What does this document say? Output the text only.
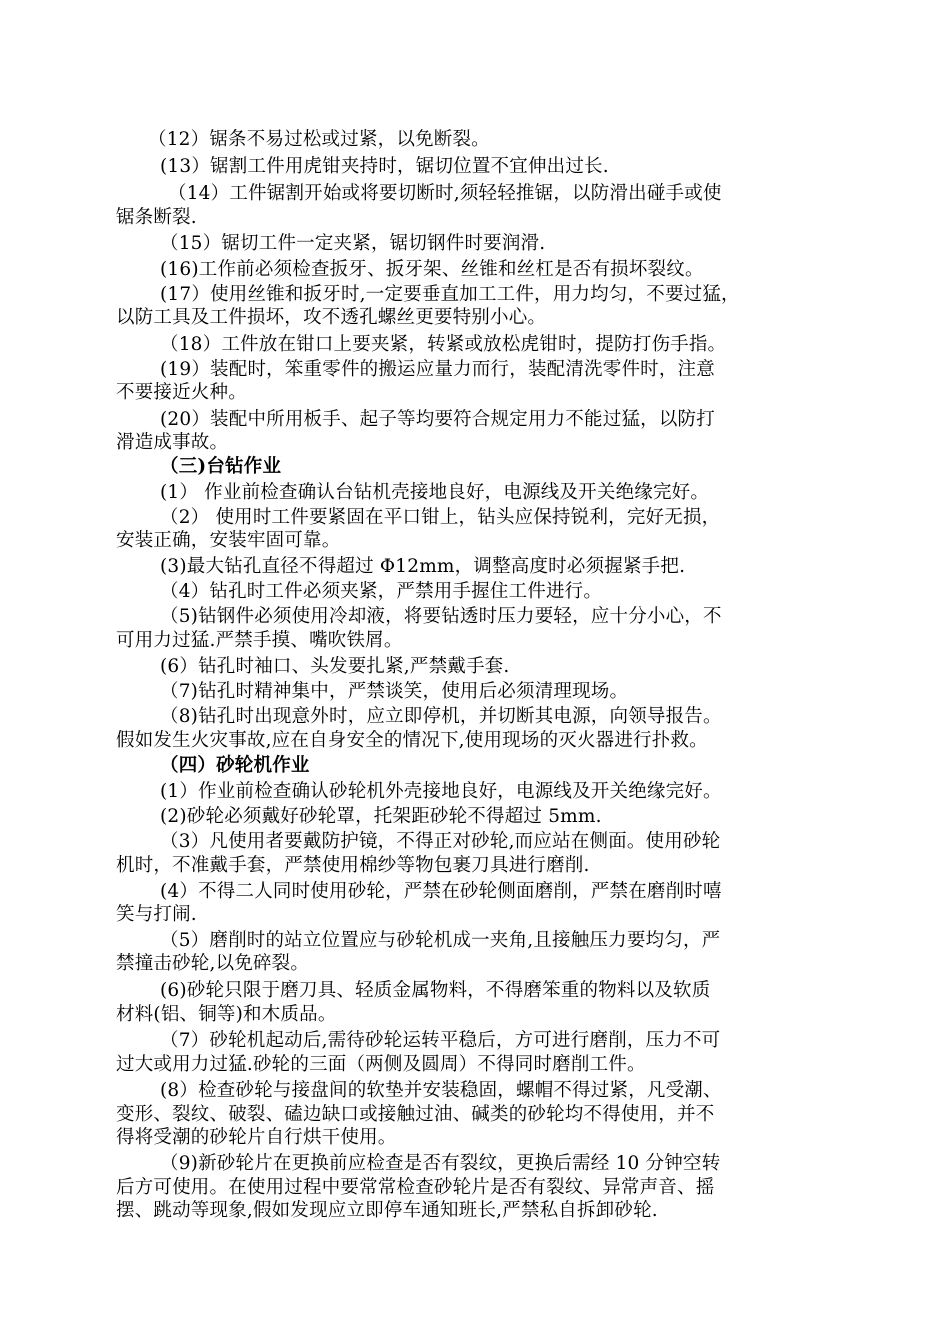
（12）锯条不易过松或过紧，以免断裂。
(13）锯割工件用虎钳夹持时，锯切位置不宜伸出过长.
（14）工件锯割开始或将要切断时,须轻轻推锯，以防滑出碰手或使
锯条断裂.
（15）锯切工件一定夹紧，锯切钢件时要润滑.
(16)工作前必须检查扳牙、扳牙架、丝锥和丝杠是否有损坏裂纹。
(17）使用丝锥和扳牙时,一定要垂直加工工件，用力均匀，不要过猛，
以防工具及工件损坏，攻不透孔螺丝更要特别小心。
（18）工件放在钳口上要夹紧，转紧或放松虎钳时，提防打伤手指。
(19）装配时，笨重零件的搬运应量力而行，装配清洗零件时，注意
不要接近火种。
(20）装配中所用板手、起子等均要符合规定用力不能过猛，以防打
滑造成事故。
（三)台钻作业
(1） 作业前检查确认台钻机壳接地良好，电源线及开关绝缘完好。
（2） 使用时工件要紧固在平口钳上，钻头应保持锐利，完好无损，
安装正确，安装牢固可靠。
(3)最大钻孔直径不得超过 Φ12mm，调整高度时必须握紧手把.
（4）钻孔时工件必须夹紧，严禁用手握住工件进行。
（5)钻钢件必须使用冷却液，将要钻透时压力要轻，应十分小心，不
可用力过猛.严禁手摸、嘴吹铁屑。
(6）钻孔时袖口、头发要扎紧,严禁戴手套.
（7)钻孔时精神集中，严禁谈笑，使用后必须清理现场。
（8)钻孔时出现意外时，应立即停机，并切断其电源，向领导报告。
假如发生火灾事故,应在自身安全的情况下,使用现场的灭火器进行扑救。
（四）砂轮机作业
(1）作业前检查确认砂轮机外壳接地良好，电源线及开关绝缘完好。
(2)砂轮必须戴好砂轮罩，托架距砂轮不得超过 5mm.
（3）凡使用者要戴防护镜，不得正对砂轮,而应站在侧面。使用砂轮
机时，不准戴手套，严禁使用棉纱等物包裹刀具进行磨削.
(4）不得二人同时使用砂轮，严禁在砂轮侧面磨削，严禁在磨削时嘻
笑与打闹.
（5）磨削时的站立位置应与砂轮机成一夹角,且接触压力要均匀，严
禁撞击砂轮,以免碎裂。
(6)砂轮只限于磨刀具、轻质金属物料，不得磨笨重的物料以及软质
材料(铝、铜等)和木质品。
（7）砂轮机起动后,需待砂轮运转平稳后，方可进行磨削，压力不可
过大或用力过猛.砂轮的三面（两侧及圆周）不得同时磨削工件。
(8）检查砂轮与接盘间的软垫并安装稳固，螺帽不得过紧，凡受潮、
变形、裂纹、破裂、磕边缺口或接触过油、碱类的砂轮均不得使用，并不
得将受潮的砂轮片自行烘干使用。
（9)新砂轮片在更换前应检查是否有裂纹，更换后需经 10 分钟空转
后方可使用。在使用过程中要常常检查砂轮片是否有裂纹、异常声音、摇
摆、跳动等现象,假如发现应立即停车通知班长,严禁私自拆卸砂轮.
